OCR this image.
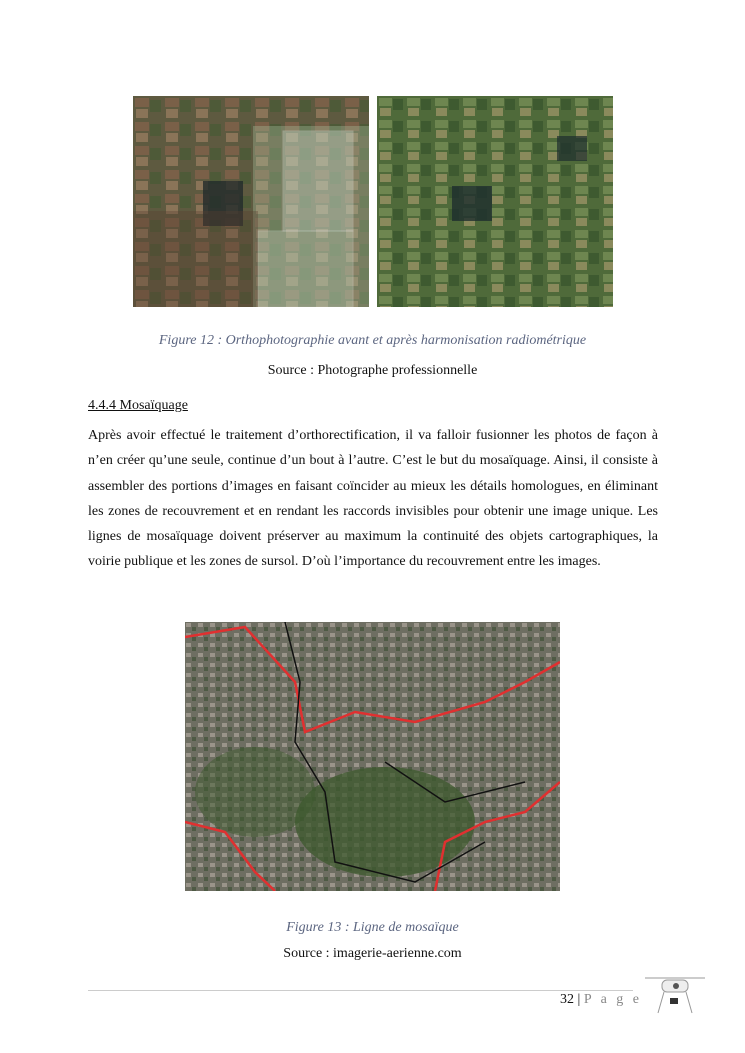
Figure 12 : Orthophotographie avant et après harmonisation radiométrique
Source : Photographe professionnelle
4.4.4 Mosaïquage
Après avoir effectué le traitement d’orthorectification, il va falloir fusionner les photos de façon à n’en créer qu’une seule, continue d’un bout à l’autre. C’est le but du mosaïquage. Ainsi, il consiste à assembler des portions d’images en faisant coïncider au mieux les détails homologues, en éliminant les zones de recouvrement et en rendant les raccords invisibles pour obtenir une image unique. Les lignes de mosaïquage doivent préserver au maximum la continuité des objets cartographiques, la voirie publique et les zones de sursol. D’où l’importance du recouvrement entre les images.
Figure 13 : Ligne de mosaïque
Source : imagerie-aerienne.com
32 | P a g e
